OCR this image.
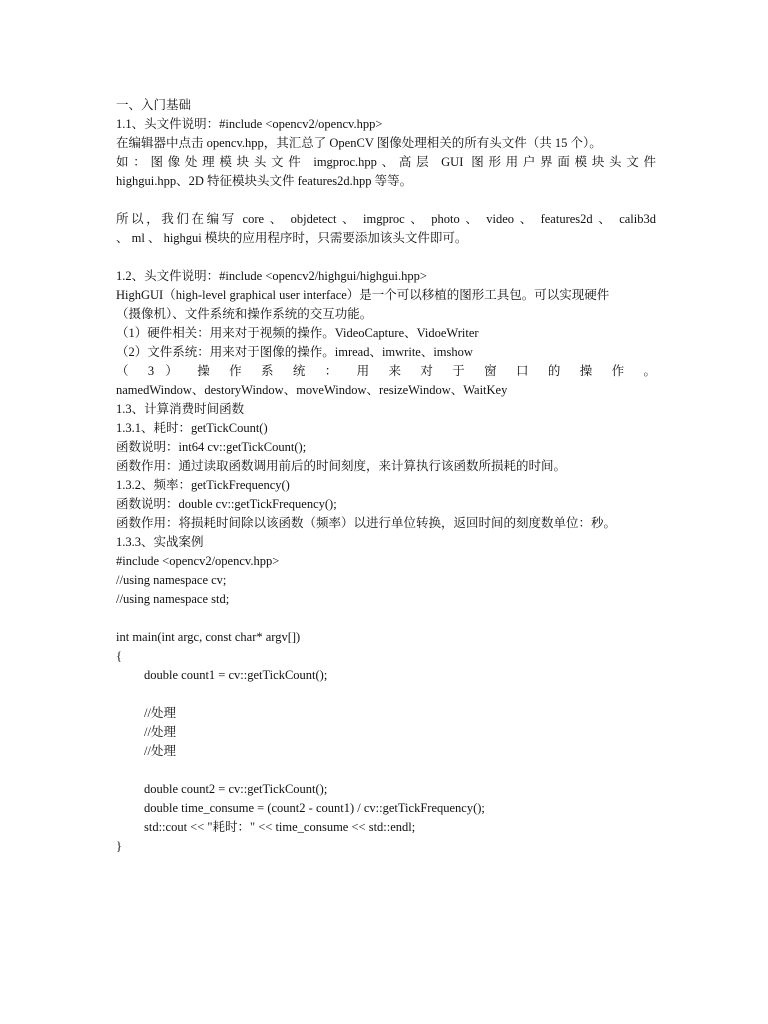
一、入门基础
1.1、头文件说明：#include <opencv2/opencv.hpp>
在编辑器中点击 opencv.hpp，其汇总了 OpenCV 图像处理相关的所有头文件（共 15 个）。
如：图像处理模块头文件 imgproc.hpp、高层 GUI 图形用户界面模块头文件
highgui.hpp、2D 特征模块头文件 features2d.hpp 等等。
所以，我们在编写 core 、 objdetect 、 imgproc 、 photo 、 video 、 features2d 、 calib3d
、 ml 、 highgui 模块的应用程序时，只需要添加该头文件即可。
1.2、头文件说明：#include <opencv2/highgui/highgui.hpp>
HighGUI（high-level graphical user interface）是一个可以移植的图形工具包。可以实现硬件
（摄像机）、文件系统和操作系统的交互功能。
（1）硬件相关：用来对于视频的操作。VideoCapture、VidoeWriter
（2）文件系统：用来对于图像的操作。imread、imwrite、imshow
（ 3 ） 操 作 系 统 ： 用 来 对 于 窗 口 的 操 作 。
namedWindow、destoryWindow、moveWindow、resizeWindow、WaitKey
1.3、计算消费时间函数
1.3.1、耗时：getTickCount()
函数说明：int64 cv::getTickCount();
函数作用：通过读取函数调用前后的时间刻度，来计算执行该函数所损耗的时间。
1.3.2、频率：getTickFrequency()
函数说明：double cv::getTickFrequency();
函数作用：将损耗时间除以该函数（频率）以进行单位转换，返回时间的刻度数单位：秒。
1.3.3、实战案例
#include <opencv2/opencv.hpp>
//using namespace cv;
//using namespace std;
int main(int argc, const char* argv[])
{
double count1 = cv::getTickCount();
//处理
//处理
//处理
double count2 = cv::getTickCount();
double time_consume = (count2 - count1) / cv::getTickFrequency();
std::cout << "耗时：" << time_consume << std::endl;
}
